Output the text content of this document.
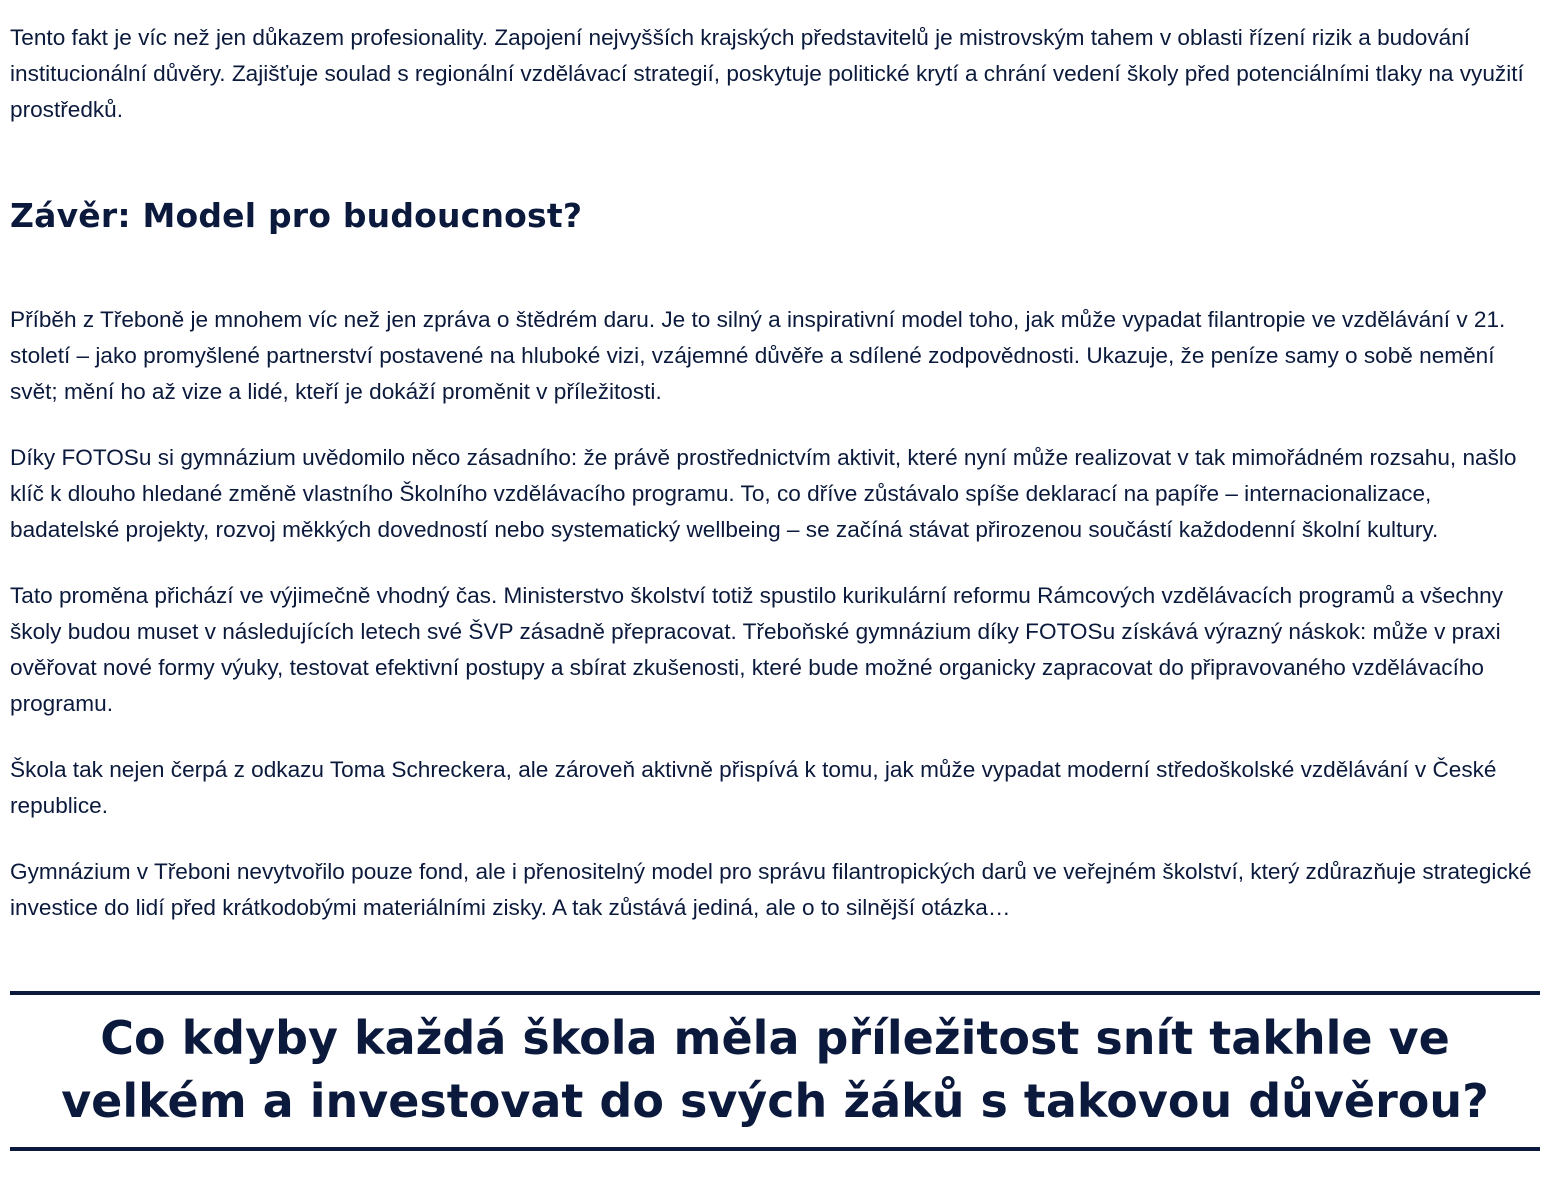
Tento fakt je víc než jen důkazem profesionality. Zapojení nejvyšších krajských představitelů je mistrovským tahem v oblasti řízení rizik a budování institucionální důvěry. Zajišťuje soulad s regionální vzdělávací strategií, poskytuje politické krytí a chrání vedení školy před potenciálními tlaky na využití prostředků.

Závěr: Model pro budoucnost?

Příběh z Třeboně je mnohem víc než jen zpráva o štědrém daru. Je to silný a inspirativní model toho, jak může vypadat filantropie ve vzdělávání v 21. století – jako promyšlené partnerství postavené na hluboké vizi, vzájemné důvěře a sdílené zodpovědnosti. Ukazuje, že peníze samy o sobě nemění svět; mění ho až vize a lidé, kteří je dokáží proměnit v příležitosti.

Díky FOTOSu si gymnázium uvědomilo něco zásadního: že právě prostřednictvím aktivit, které nyní může realizovat v tak mimořádném rozsahu, našlo klíč k dlouho hledané změně vlastního Školního vzdělávacího programu. To, co dříve zůstávalo spíše deklarací na papíře – internacionalizace, badatelské projekty, rozvoj měkkých dovedností nebo systematický wellbeing – se začíná stávat přirozenou součástí každodenní školní kultury.

Tato proměna přichází ve výjimečně vhodný čas. Ministerstvo školství totiž spustilo kurikulární reformu Rámcových vzdělávacích programů a všechny školy budou muset v následujících letech své ŠVP zásadně přepracovat. Třeboňské gymnázium díky FOTOSu získává výrazný náskok: může v praxi ověřovat nové formy výuky, testovat efektivní postupy a sbírat zkušenosti, které bude možné organicky zapracovat do připravovaného vzdělávacího programu.

Škola tak nejen čerpá z odkazu Toma Schreckera, ale zároveň aktivně přispívá k tomu, jak může vypadat moderní středoškolské vzdělávání v České republice.

Gymnázium v Třeboni nevytvořilo pouze fond, ale i přenositelný model pro správu filantropických darů ve veřejném školství, který zdůrazňuje strategické investice do lidí před krátkodobými materiálními zisky. A tak zůstává jediná, ale o to silnější otázka…

Co kdyby každá škola měla příležitost snít takhle ve velkém a investovat do svých žáků s takovou důvěrou?
